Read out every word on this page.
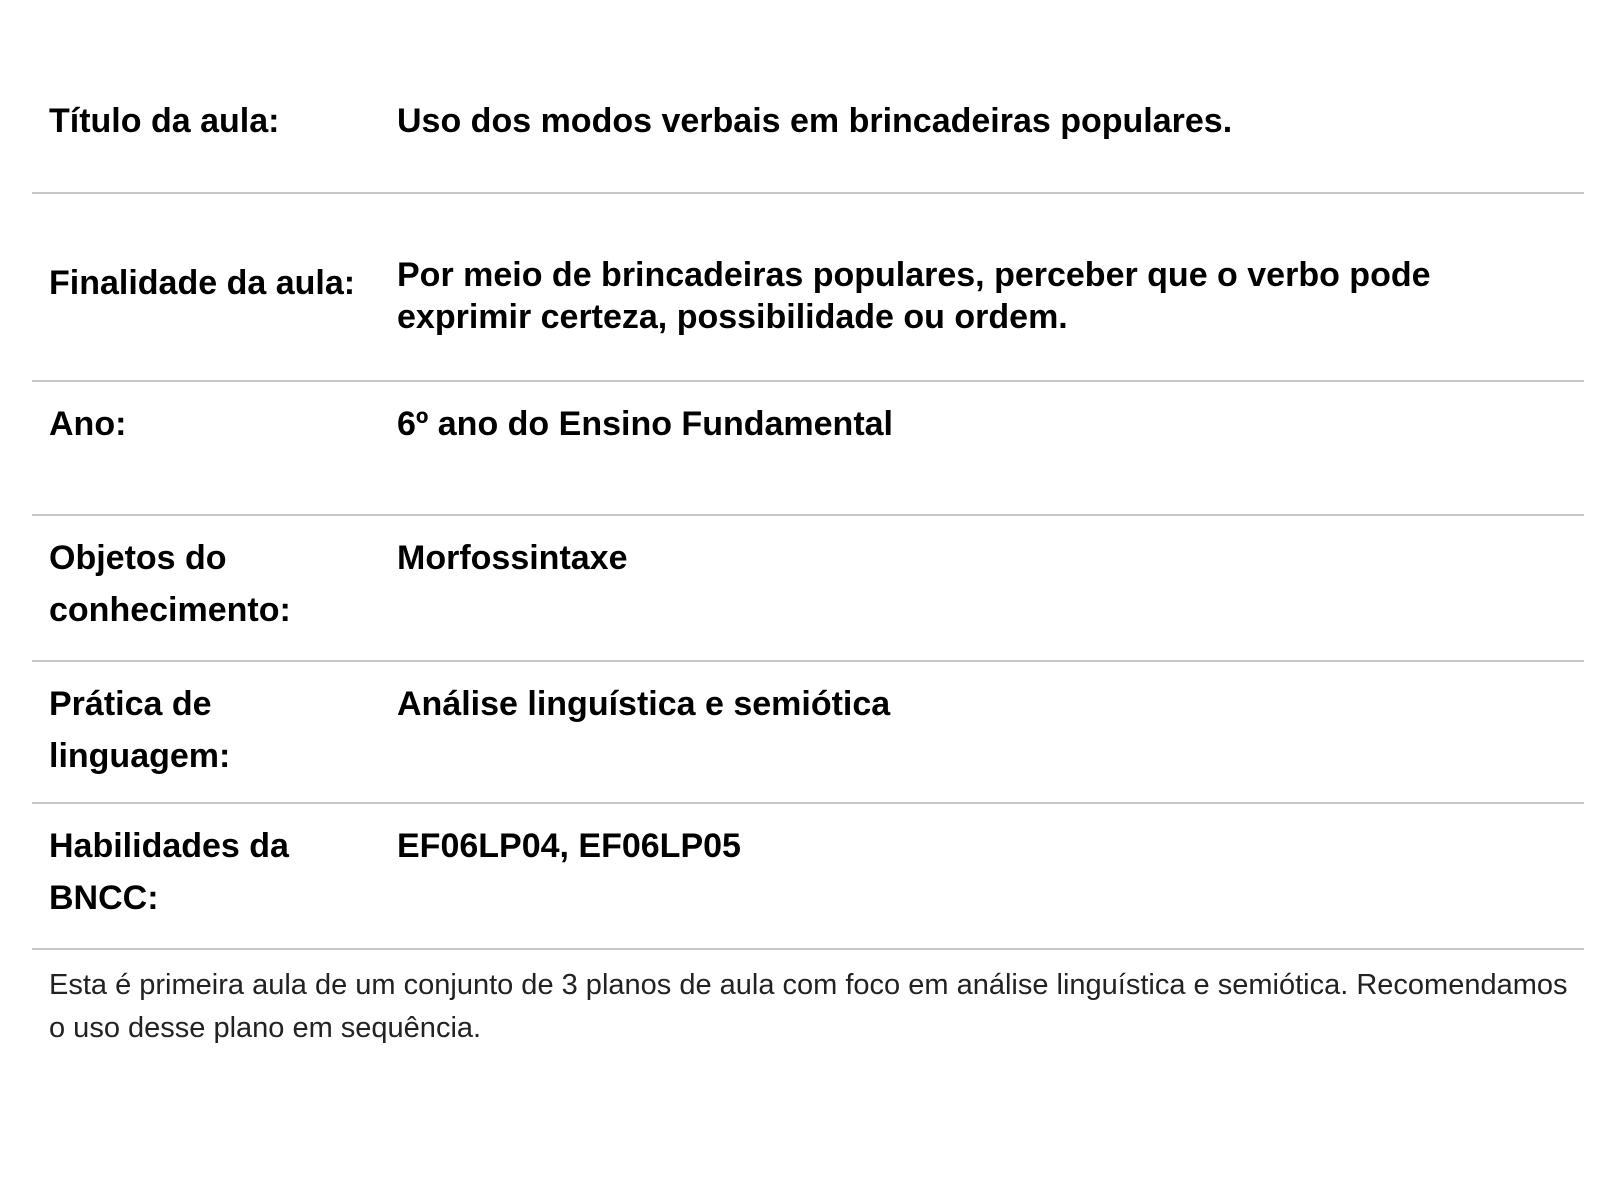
Título da aula:	Uso dos modos verbais em brincadeiras populares.

Finalidade da aula:	Por meio de brincadeiras populares, perceber que o verbo pode exprimir certeza, possibilidade ou ordem.

Ano:	6º ano do Ensino Fundamental

Objetos do conhecimento:

Morfossintaxe

Prática de linguagem:

Análise linguística e semiótica

Habilidades da BNCC:

EF06LP04, EF06LP05

Esta é primeira aula de um conjunto de 3 planos de aula com foco em análise linguística e semiótica. Recomendamos o uso desse plano em sequência.
